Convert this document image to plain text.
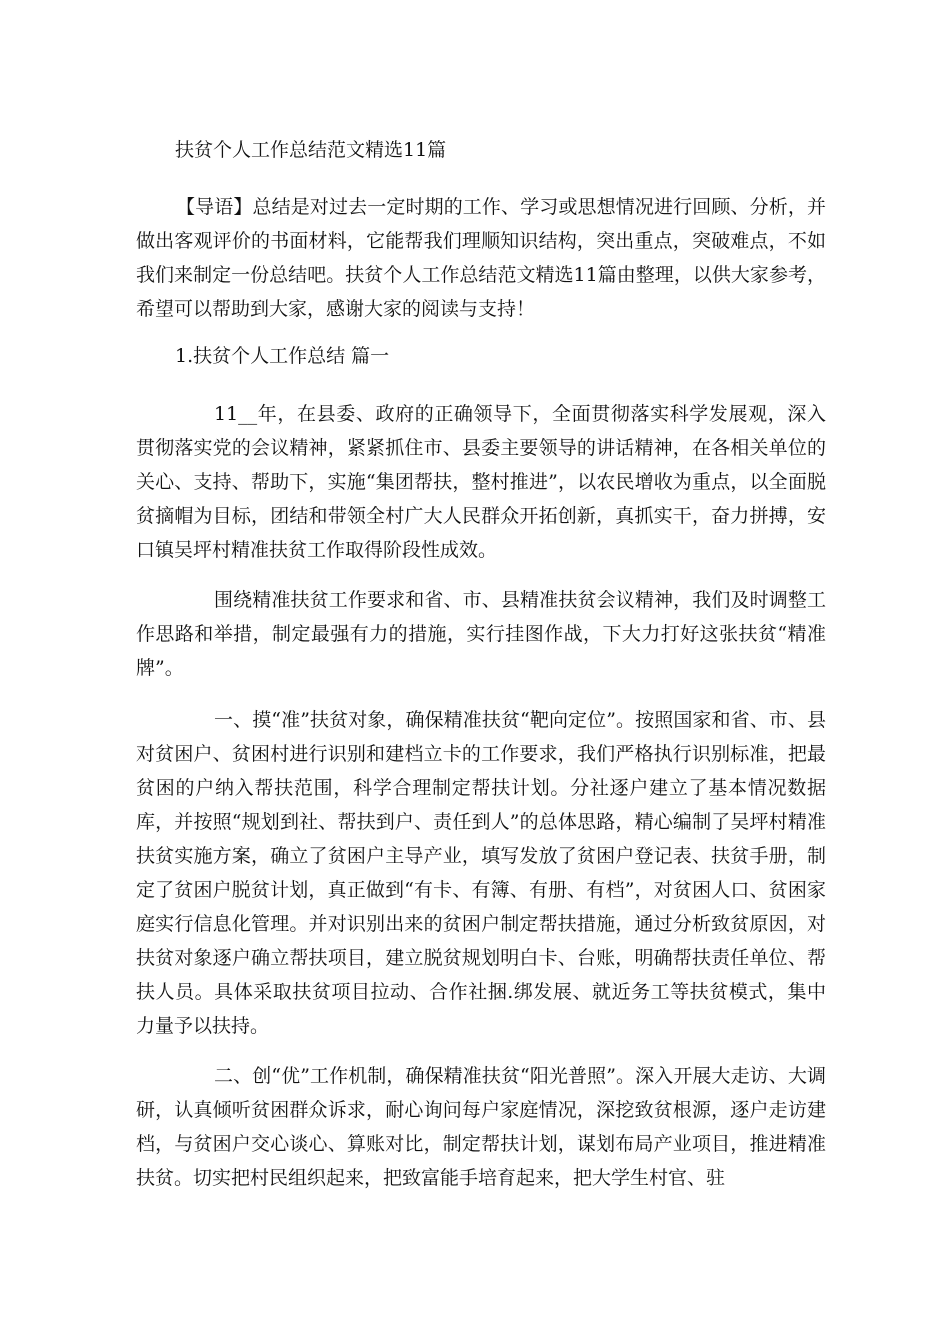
扶贫个人工作总结范文精选11篇

【导语】总结是对过去一定时期的工作、学习或思想情况进行回顾、分析，并做出客观评价的书面材料，它能帮我们理顺知识结构，突出重点，突破难点，不如我们来制定一份总结吧。扶贫个人工作总结范文精选11篇由整理，以供大家参考，希望可以帮助到大家，感谢大家的阅读与支持！

1.扶贫个人工作总结 篇一

11__年，在县委、政府的正确领导下，全面贯彻落实科学发展观，深入贯彻落实党的会议精神，紧紧抓住市、县委主要领导的讲话精神，在各相关单位的关心、支持、帮助下，实施“集团帮扶，整村推进”，以农民增收为重点，以全面脱贫摘帽为目标，团结和带领全村广大人民群众开拓创新，真抓实干，奋力拼搏，安口镇吴坪村精准扶贫工作取得阶段性成效。

围绕精准扶贫工作要求和省、市、县精准扶贫会议精神，我们及时调整工作思路和举措，制定最强有力的措施，实行挂图作战，下大力打好这张扶贫“精准牌”。

一、摸“准”扶贫对象，确保精准扶贫“靶向定位”。按照国家和省、市、县对贫困户、贫困村进行识别和建档立卡的工作要求，我们严格执行识别标准，把最贫困的户纳入帮扶范围，科学合理制定帮扶计划。分社逐户建立了基本情况数据库，并按照“规划到社、帮扶到户、责任到人”的总体思路，精心编制了吴坪村精准扶贫实施方案，确立了贫困户主导产业，填写发放了贫困户登记表、扶贫手册，制定了贫困户脱贫计划，真正做到“有卡、有簿、有册、有档”，对贫困人口、贫困家庭实行信息化管理。并对识别出来的贫困户制定帮扶措施，通过分析致贫原因，对扶贫对象逐户确立帮扶项目，建立脱贫规划明白卡、台账，明确帮扶责任单位、帮扶人员。具体采取扶贫项目拉动、合作社捆.绑发展、就近务工等扶贫模式，集中力量予以扶持。

二、创“优”工作机制，确保精准扶贫“阳光普照”。深入开展大走访、大调研，认真倾听贫困群众诉求，耐心询问每户家庭情况，深挖致贫根源，逐户走访建档，与贫困户交心谈心、算账对比，制定帮扶计划，谋划布局产业项目，推进精准扶贫。切实把村民组织起来，把致富能手培育起来，把大学生村官、驻
